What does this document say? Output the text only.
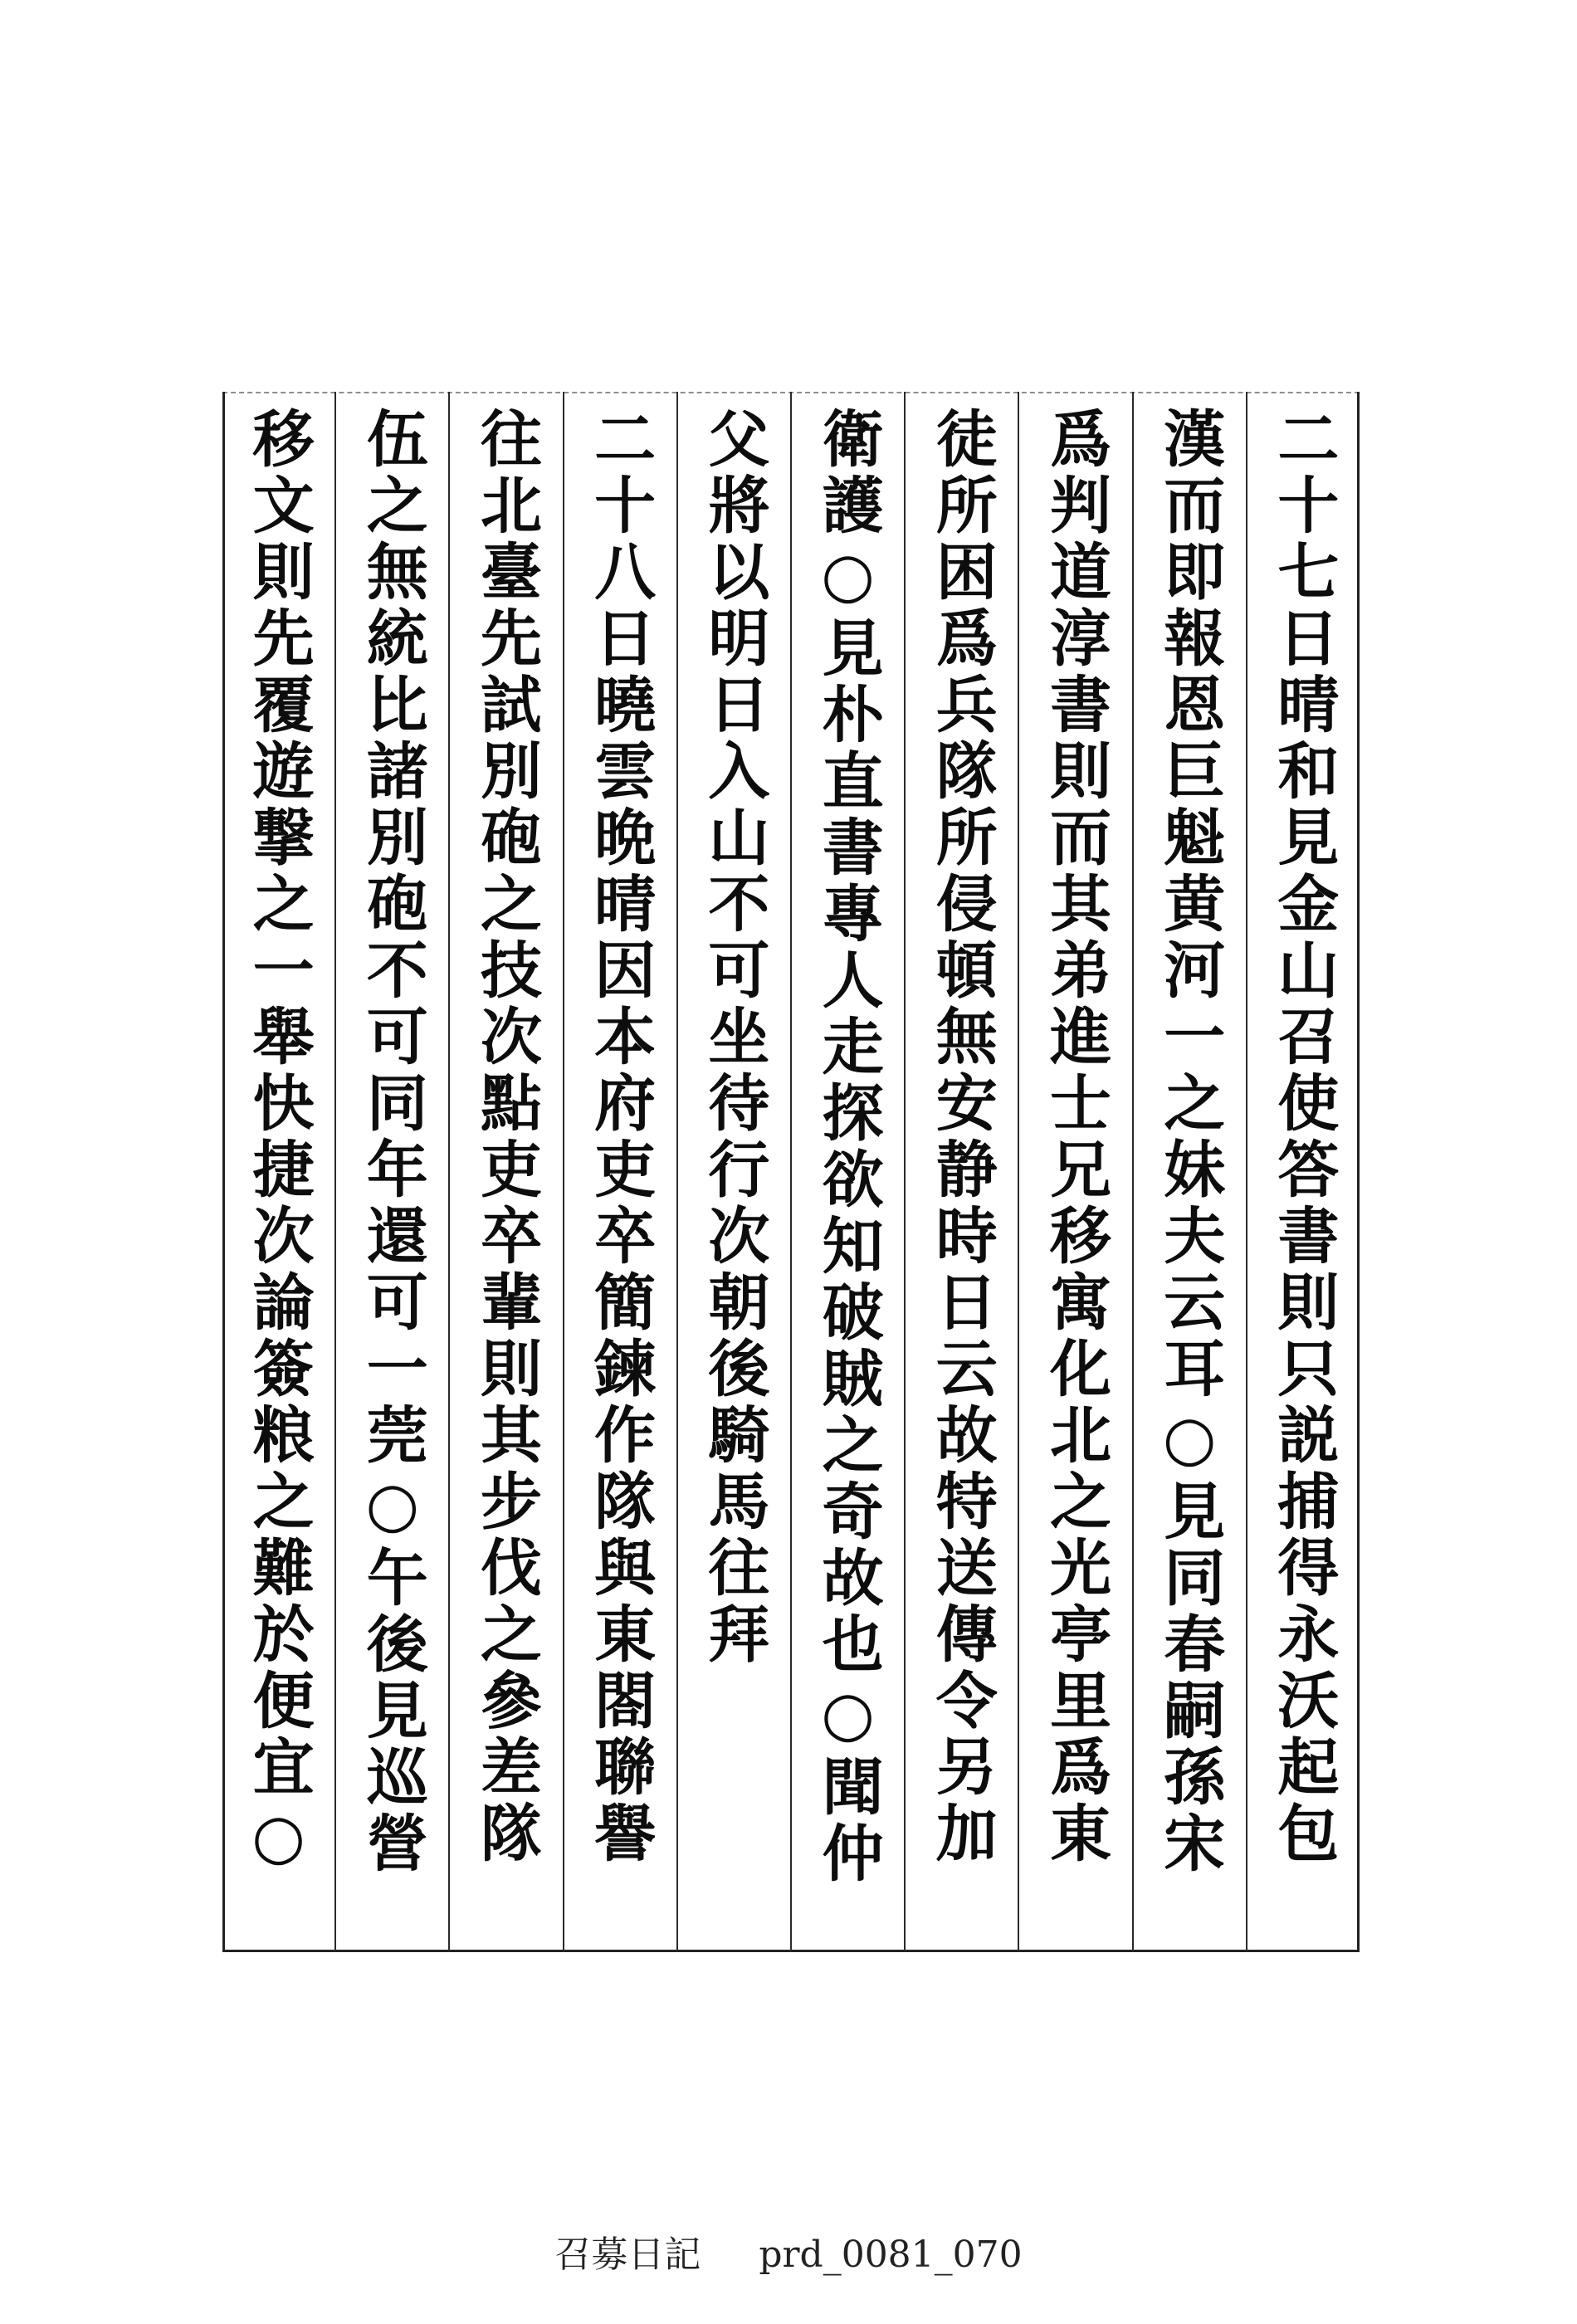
二十七日晴和見金山召使答書則只説捕得永沃起包
漢而即報恩巨魁黄河一之妹夫云耳○見同春嗣孫宋
爲判道淳書則而其弟進士兄移寓化北之光亭里爲東
徒所困爲兵隊所侵頓無安静時日云故特送傳令另加
衛護○見朴直書專人走探欲知破賊之奇故也○聞仲
父將以明日入山不可坐待行次朝後騎馬往拜
二十八日曉雲晩晴因本府吏卒簡鍊作隊與東閤聯譽
往北臺先試別砲之技次點吏卒輩則其步伐之參差隊
伍之無統比諸別砲不可同年還可一莞○午後見巡營
移文則先覆遊撃之一舉快捷次論簽粮之難於便宜○
召募日記 prd_0081_070
